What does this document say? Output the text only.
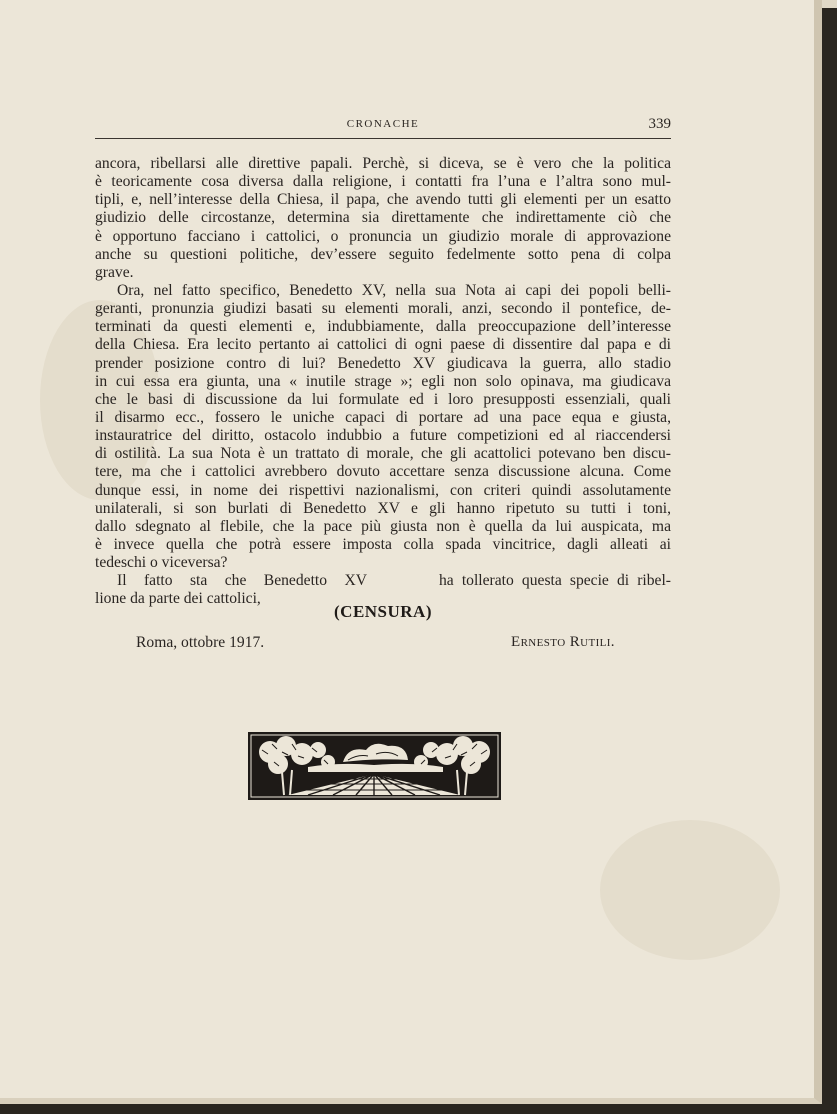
CRONACHE	339
ancora, ribellarsi alle direttive papali. Perchè, si diceva, se è vero che la politica
è teoricamente cosa diversa dalla religione, i contatti fra l’una e l’altra sono mul-
tipli, e, nell’interesse della Chiesa, il papa, che avendo tutti gli elementi per un esatto
giudizio delle circostanze, determina sia direttamente che indirettamente ciò che
è opportuno facciano i cattolici, o pronuncia un giudizio morale di approvazione
anche su questioni politiche, dev’essere seguito fedelmente sotto pena di colpa
grave.
Ora, nel fatto specifico, Benedetto XV, nella sua Nota ai capi dei popoli belli-
geranti, pronunzia giudizi basati su elementi morali, anzi, secondo il pontefice, de-
terminati da questi elementi e, indubbiamente, dalla preoccupazione dell’interesse
della Chiesa. Era lecito pertanto ai cattolici di ogni paese di dissentire dal papa e di
prender posizione contro di lui? Benedetto XV giudicava la guerra, allo stadio
in cui essa era giunta, una « inutile strage »; egli non solo opinava, ma giudicava
che le basi di discussione da lui formulate ed i loro presupposti essenziali, quali
il disarmo ecc., fossero le uniche capaci di portare ad una pace equa e giusta,
instauratrice del diritto, ostacolo indubbio a future competizioni ed al riaccendersi
di ostilità. La sua Nota è un trattato di morale, che gli acattolici potevano ben discu-
tere, ma che i cattolici avrebbero dovuto accettare senza discussione alcuna. Come
dunque essi, in nome dei rispettivi nazionalismi, con criteri quindi assolutamente
unilaterali, si son burlati di Benedetto XV e gli hanno ripetuto su tutti i toni,
dallo sdegnato al flebile, che la pace più giusta non è quella da lui auspicata, ma
è invece quella che potrà essere imposta colla spada vincitrice, dagli alleati ai
tedeschi o viceversa?
Il fatto sta che Benedetto XV	ha tollerato questa specie di ribel-
lione da parte dei cattolici,
(CENSURA)
Roma, ottobre 1917.	Ernesto Rutili.
